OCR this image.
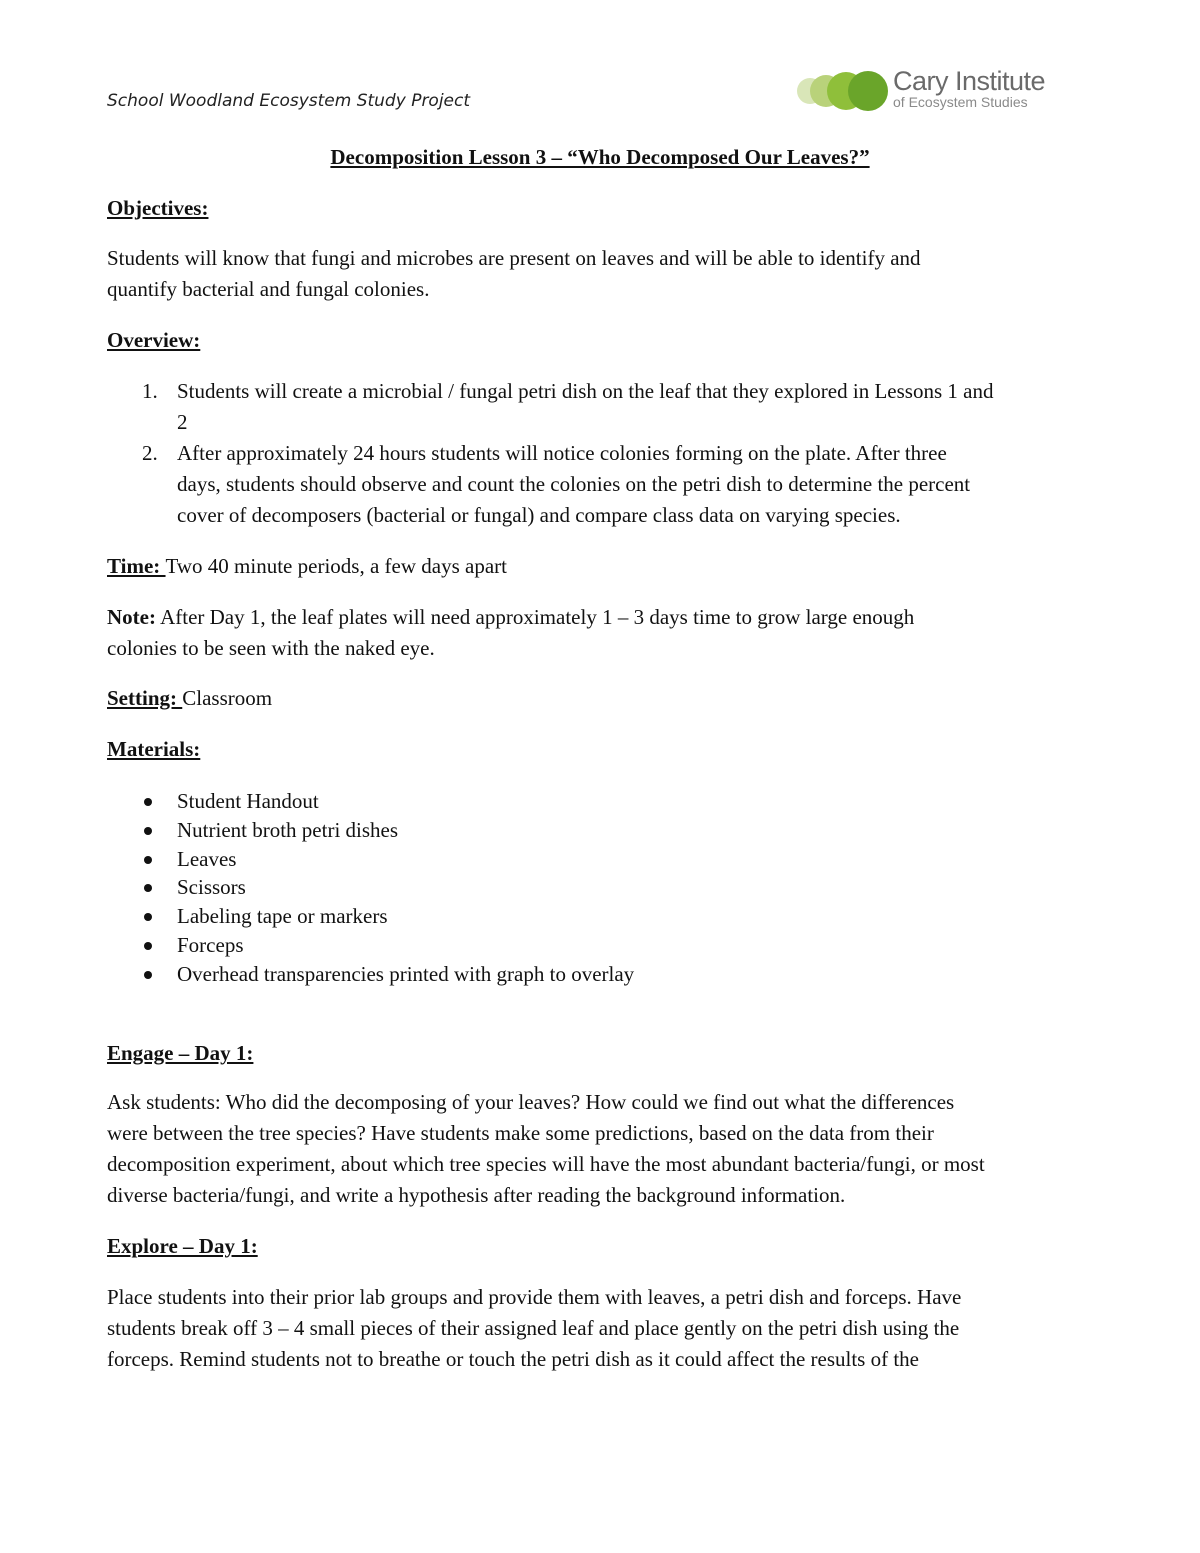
School Woodland Ecosystem Study Project
Cary Institute
of Ecosystem Studies
Decomposition Lesson 3 – “Who Decomposed Our Leaves?”
Objectives:
Students will know that fungi and microbes are present on leaves and will be able to identify and
quantify bacterial and fungal colonies.
Overview:
1. Students will create a microbial / fungal petri dish on the leaf that they explored in Lessons 1 and
2
2. After approximately 24 hours students will notice colonies forming on the plate. After three
days, students should observe and count the colonies on the petri dish to determine the percent
cover of decomposers (bacterial or fungal) and compare class data on varying species.
Time: Two 40 minute periods, a few days apart
Note: After Day 1, the leaf plates will need approximately 1 – 3 days time to grow large enough
colonies to be seen with the naked eye.
Setting: Classroom
Materials:
Student Handout
Nutrient broth petri dishes
Leaves
Scissors
Labeling tape or markers
Forceps
Overhead transparencies printed with graph to overlay
Engage – Day 1:
Ask students: Who did the decomposing of your leaves? How could we find out what the differences
were between the tree species? Have students make some predictions, based on the data from their
decomposition experiment, about which tree species will have the most abundant bacteria/fungi, or most
diverse bacteria/fungi, and write a hypothesis after reading the background information.
Explore – Day 1:
Place students into their prior lab groups and provide them with leaves, a petri dish and forceps. Have
students break off 3 – 4 small pieces of their assigned leaf and place gently on the petri dish using the
forceps. Remind students not to breathe or touch the petri dish as it could affect the results of the
